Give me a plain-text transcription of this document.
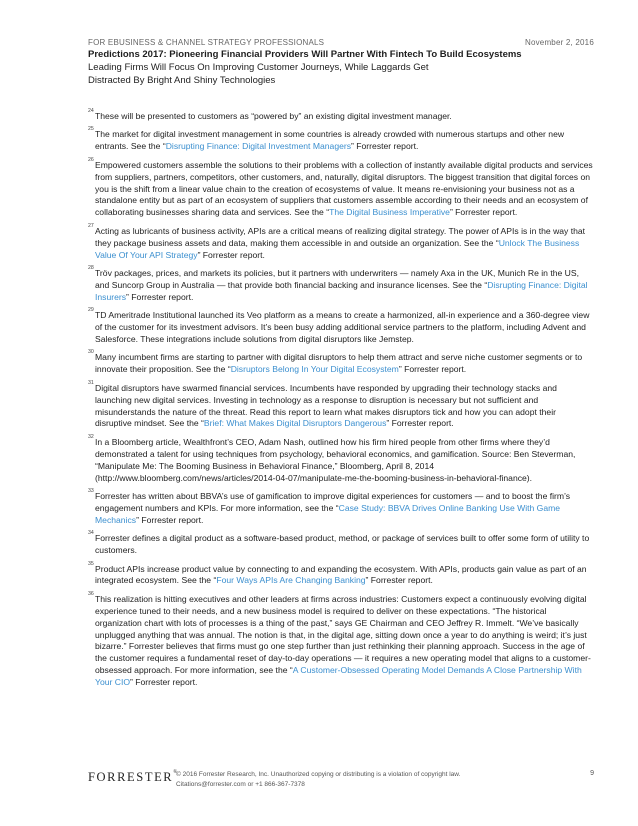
FOR EBUSINESS & CHANNEL STRATEGY PROFESSIONALS	November 2, 2016
Predictions 2017: Pioneering Financial Providers Will Partner With Fintech To Build Ecosystems
Leading Firms Will Focus On Improving Customer Journeys, While Laggards Get Distracted By Bright And Shiny Technologies

24 These will be presented to customers as “powered by” an existing digital investment manager.

25 The market for digital investment management in some countries is already crowded with numerous startups and other new entrants. See the “Disrupting Finance: Digital Investment Managers” Forrester report.

26 Empowered customers assemble the solutions to their problems with a collection of instantly available digital products and services from suppliers, partners, competitors, other customers, and, naturally, digital disruptors. The biggest transition that digital forces on you is the shift from a linear value chain to the creation of ecosystems of value. It means re-envisioning your business not as a standalone entity but as part of an ecosystem of suppliers that customers assemble according to their needs and an ecosystem of collaborating businesses sharing data and services. See the “The Digital Business Imperative” Forrester report.

27 Acting as lubricants of business activity, APIs are a critical means of realizing digital strategy. The power of APIs is in the way that they package business assets and data, making them accessible in and outside an organization. See the “Unlock The Business Value Of Your API Strategy” Forrester report.

28 Tröv packages, prices, and markets its policies, but it partners with underwriters — namely Axa in the UK, Munich Re in the US, and Suncorp Group in Australia — that provide both financial backing and insurance licenses. See the “Disrupting Finance: Digital Insurers” Forrester report.

29 TD Ameritrade Institutional launched its Veo platform as a means to create a harmonized, all-in experience and a 360-degree view of the customer for its investment advisors. It’s been busy adding additional service partners to the platform, including Advent and Salesforce. These integrations include solutions from digital disruptors like Jemstep.

30 Many incumbent firms are starting to partner with digital disruptors to help them attract and serve niche customer segments or to innovate their proposition. See the “Disruptors Belong In Your Digital Ecosystem” Forrester report.

31 Digital disruptors have swarmed financial services. Incumbents have responded by upgrading their technology stacks and launching new digital services. Investing in technology as a response to disruption is necessary but not sufficient and misunderstands the nature of the threat. Read this report to learn what makes disruptors tick and how you can adopt their disruptive mindset. See the “Brief: What Makes Digital Disruptors Dangerous” Forrester report.

32 In a Bloomberg article, Wealthfront’s CEO, Adam Nash, outlined how his firm hired people from other firms where they’d demonstrated a talent for using techniques from psychology, behavioral economics, and gamification. Source: Ben Steverman, “Manipulate Me: The Booming Business in Behavioral Finance,” Bloomberg, April 8, 2014 (http://www.bloomberg.com/news/articles/2014-04-07/manipulate-me-the-booming-business-in-behavioral-finance).

33 Forrester has written about BBVA’s use of gamification to improve digital experiences for customers — and to boost the firm’s engagement numbers and KPIs. For more information, see the “Case Study: BBVA Drives Online Banking Use With Game Mechanics” Forrester report.

34 Forrester defines a digital product as a software-based product, method, or package of services built to offer some form of utility to customers.

35 Product APIs increase product value by connecting to and expanding the ecosystem. With APIs, products gain value as part of an integrated ecosystem. See the “Four Ways APIs Are Changing Banking” Forrester report.

36 This realization is hitting executives and other leaders at firms across industries: Customers expect a continuously evolving digital experience tuned to their needs, and a new business model is required to deliver on these expectations. “The historical organization chart with lots of processes is a thing of the past,” says GE Chairman and CEO Jeffrey R. Immelt. “We’ve basically unplugged anything that was annual. The notion is that, in the digital age, sitting down once a year to do anything is weird; it’s just bizarre.” Forrester believes that firms must go one step further than just rethinking their planning approach. Success in the age of the customer requires a fundamental reset of day-to-day operations — it requires a new operating model that aligns to a customer-obsessed approach. For more information, see the “A Customer-Obsessed Operating Model Demands A Close Partnership With Your CIO” Forrester report.

FORRESTER®
© 2016 Forrester Research, Inc. Unauthorized copying or distributing is a violation of copyright law.
Citations@forrester.com or +1 866-367-7378
9
